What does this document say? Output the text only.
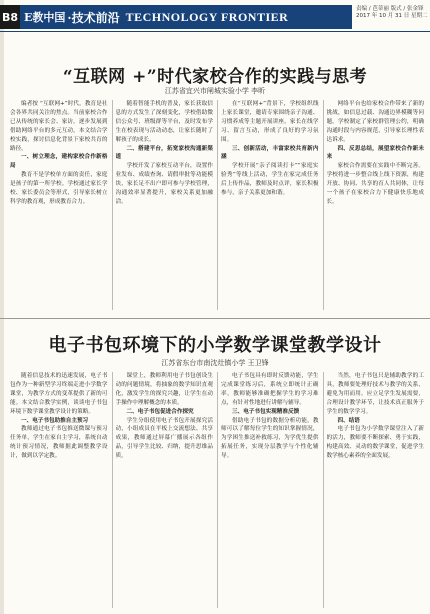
B8 E教中国 ·技术前沿 TECHNOLOGY FRONTIER
责编 / 芭蒂丽 版式 / 张金锋
2017 年 10 月 31 日 星期二
“互联网 +”时代家校合作的实践与思考
江苏省宜兴市闸城实验小学 李昕

编者按 “互联网+”时代，教育是社会各界共同关注的焦点。当前家校合作已从传统的家长会、家访，逐步发展到借助网络平台的多元互动，本文结合学校实践，探讨信息化背景下家校共育的路径。

一、树立理念，建构家校合作新格局

教育不是学校单方面的责任，家庭是孩子的第一所学校。学校通过家长学校、家长委员会等形式，引导家长树立科学的教育观，形成教育合力。

随着智能手机的普及，家长获取信息的方式发生了深刻变化，学校借助微信公众号、班级群等平台，及时发布学生在校表现与活动动态，让家长随时了解孩子的成长。

二、搭建平台，拓宽家校沟通新渠道

学校开发了家校互动平台，设置作业发布、成绩查询、请假审批等功能模块，家长足不出户即可参与学校管理，沟通效率显著提升，家校关系更加融洽。

在“互联网+”背景下，学校组织线上家长课堂，邀请专家围绕亲子沟通、习惯养成等主题开展讲座，家长在线学习、留言互动，形成了良好的学习氛围。

三、创新活动，丰富家校共育新内涵

学校开展“亲子阅读打卡”“家庭实验秀”等线上活动，学生在家完成任务后上传作品，教师及时点评，家长积极参与，亲子关系更加和谐。

网络平台也给家校合作带来了新的挑战，如信息过载、沟通边界模糊等问题。学校制定了家校群管理公约，明确沟通时段与内容规范，引导家长理性表达诉求。

四、反思总结，展望家校合作新未来

家校合作需要在实践中不断完善。学校将进一步整合线上线下资源，构建开放、协同、共享的育人共同体，让每一个孩子在家校合力下健康快乐地成长。

电子书包环境下的小学数学课堂教学设计
江苏省东台市南沈灶镇小学 王卫锋

随着信息技术的迅速发展，电子书包作为一种新型学习终端走进小学数学课堂，为教学方式的变革提供了新的可能。本文结合教学实例，谈谈电子书包环境下数学课堂教学设计的策略。

一、电子书包助推自主预习

教师通过电子书包推送微课与预习任务单，学生在家自主学习，系统自动统计预习情况，教师据此调整教学设计，做到以学定教。

课堂上，教师利用电子书包创设生动的问题情境，将抽象的数学知识直观化，激发学生的探究兴趣，让学生在动手操作中理解概念的本质。

二、电子书包促进合作探究

学生分组使用电子书包开展探究活动，小组成员在平板上交流想法、共享成果，教师通过屏幕广播展示各组作品，引导学生比较、归纳，提升思维品质。

电子书包具有即时反馈功能，学生完成课堂练习后，系统立即统计正确率，教师能够准确把握学生的学习难点，有针对性地进行讲解与辅导。

三、电子书包实现精准反馈

借助电子书包的数据分析功能，教师可以了解每位学生的知识掌握情况，为学困生推送补救练习，为学优生提供拓展任务，实现分层教学与个性化辅导。

当然，电子书包只是辅助教学的工具，教师要处理好技术与教学的关系，避免为用而用。应立足学生发展需要，合理设计教学环节，让技术真正服务于学生的数学学习。

四、结语

电子书包为小学数学课堂注入了新的活力，教师要不断探索、勇于实践，构建高效、灵动的数学课堂，促进学生数学核心素养的全面发展。
